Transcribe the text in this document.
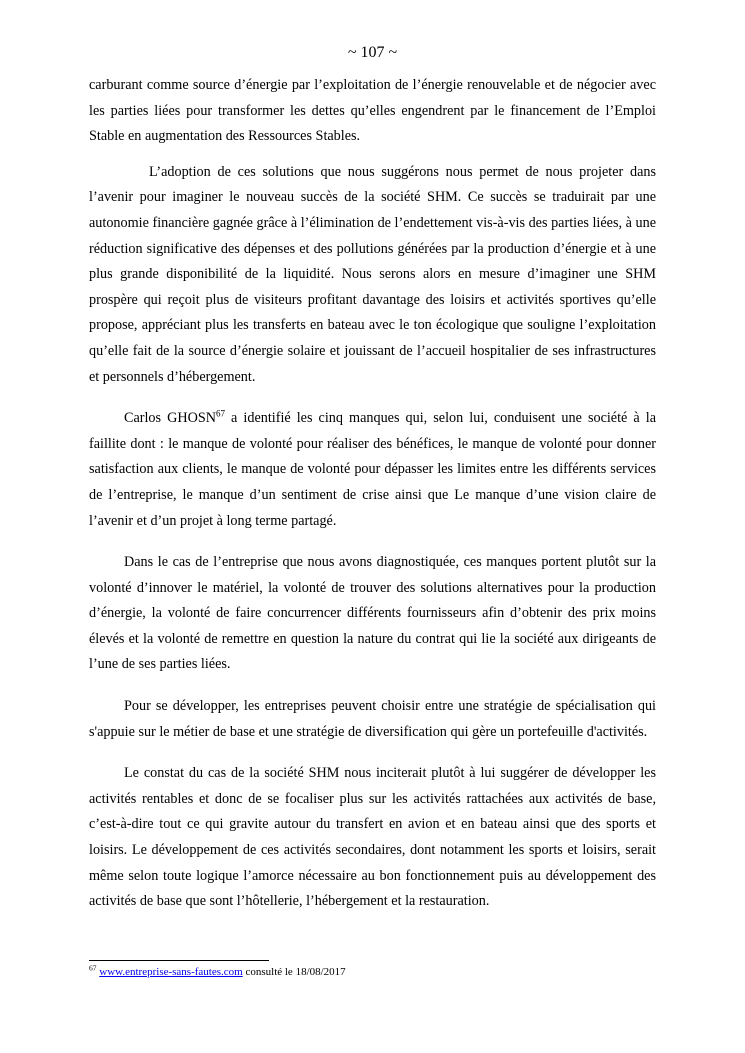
~ 107 ~

carburant comme source d’énergie par l’exploitation de l’énergie renouvelable et de négocier avec les parties liées pour transformer les dettes qu’elles engendrent par le financement de l’Emploi Stable en augmentation des Ressources Stables.

L’adoption de ces solutions que nous suggérons nous permet de nous projeter dans l’avenir pour imaginer le nouveau succès de la société SHM. Ce succès se traduirait par une autonomie financière gagnée grâce à l’élimination de l’endettement vis-à-vis des parties liées, à une réduction significative des dépenses et des pollutions générées par la production d’énergie et à une plus grande disponibilité de la liquidité. Nous serons alors en mesure d’imaginer une SHM prospère qui reçoit plus de visiteurs profitant davantage des loisirs et activités sportives qu’elle propose, appréciant plus les transferts en bateau avec le ton écologique que souligne l’exploitation qu’elle fait de la source d’énergie solaire et jouissant de l’accueil hospitalier de ses infrastructures et personnels d’hébergement.

Carlos GHOSN$^{67}$ a identifié les cinq manques qui, selon lui, conduisent une société à la faillite dont : le manque de volonté pour réaliser des bénéfices, le manque de volonté pour donner satisfaction aux clients, le manque de volonté pour dépasser les limites entre les différents services de l’entreprise, le manque d’un sentiment de crise ainsi que Le manque d’une vision claire de l’avenir et d’un projet à long terme partagé.

Dans le cas de l’entreprise que nous avons diagnostiquée, ces manques portent plutôt sur la volonté d’innover le matériel, la volonté de trouver des solutions alternatives pour la production d’énergie, la volonté de faire concurrencer différents fournisseurs afin d’obtenir des prix moins élevés et la volonté de remettre en question la nature du contrat qui lie la société aux dirigeants de l’une de ses parties liées.

Pour se développer, les entreprises peuvent choisir entre une stratégie de spécialisation qui s'appuie sur le métier de base et une stratégie de diversification qui gère un portefeuille d'activités.

Le constat du cas de la société SHM nous inciterait plutôt à lui suggérer de développer les activités rentables et donc de se focaliser plus sur les activités rattachées aux activités de base, c’est-à-dire tout ce qui gravite autour du transfert en avion et en bateau ainsi que des sports et loisirs. Le développement de ces activités secondaires, dont notamment les sports et loisirs, serait même selon toute logique l’amorce nécessaire au bon fonctionnement puis au développement des activités de base que sont l’hôtellerie, l’hébergement et la restauration.

$^{67}$ www.entreprise-sans-fautes.com consulté le 18/08/2017
